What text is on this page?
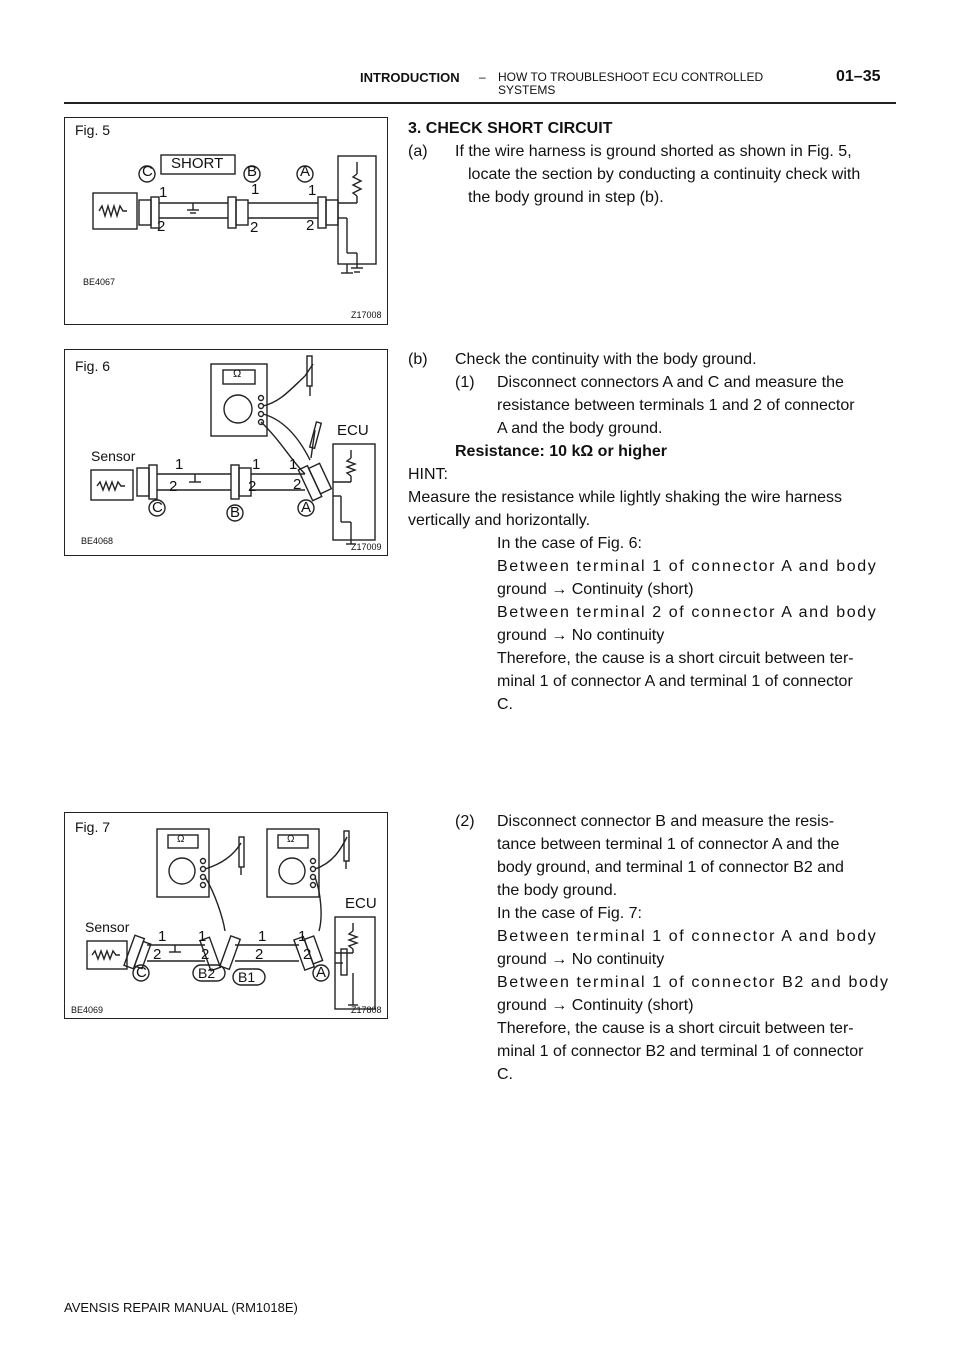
INTRODUCTION – HOW TO TROUBLESHOOT ECU CONTROLLED
SYSTEMS
01–35
Fig. 5
SHORT
C	B	A
1
2
1
2
1
2
BE4067
Z17008
Fig. 6	Ω
Sensor
ECU
C	B	A
1
2
1
2
1
2
BE4068
Z17009
Fig. 7
Ω	Ω
Sensor
ECU
C	B2 B1	A
1
2
1
2
1
2
1
2
BE4069	Z17808
3. CHECK SHORT CIRCUIT
(a) If the wire harness is ground shorted as shown in Fig. 5,
locate the section by conducting a continuity check with
the body ground in step (b).
(b) Check the continuity with the body ground.
(1) Disconnect connectors A and C and measure the
resistance between terminals 1 and 2 of connector
A and the body ground.
Resistance: 10 kΩ or higher
HINT:
Measure the resistance while lightly shaking the wire harness
vertically and horizontally.
In the case of Fig. 6:
Between terminal 1 of connector A and body
ground → Continuity (short)
Between terminal 2 of connector A and body
ground → No continuity
Therefore, the cause is a short circuit between ter-
minal 1 of connector A and terminal 1 of connector
C.
(2) Disconnect connector B and measure the resis-
tance between terminal 1 of connector A and the
body ground, and terminal 1 of connector B2 and
the body ground.
In the case of Fig. 7:
Between terminal 1 of connector A and body
ground → No continuity
Between terminal 1 of connector B2 and body
ground → Continuity (short)
Therefore, the cause is a short circuit between ter-
minal 1 of connector B2 and terminal 1 of connector
C.
AVENSIS REPAIR MANUAL (RM1018E)
